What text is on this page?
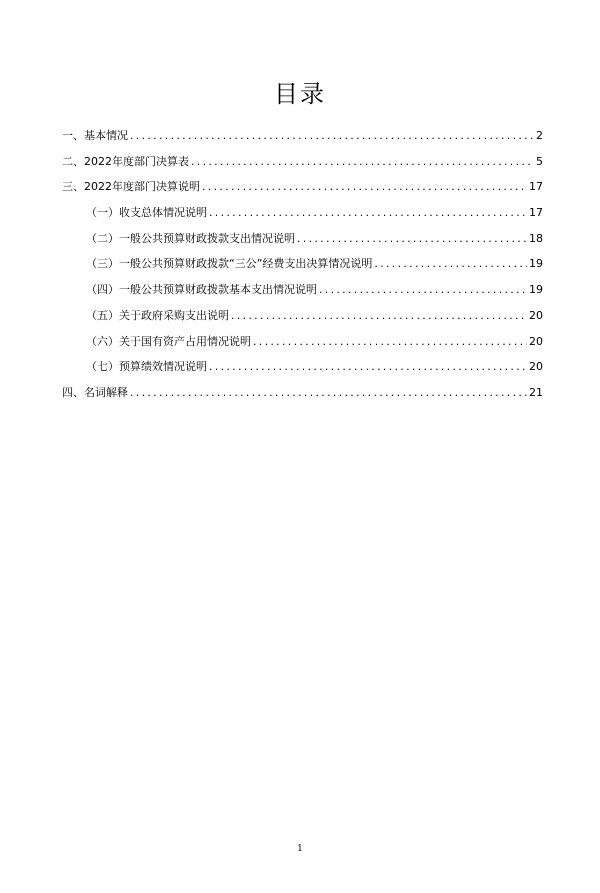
目录
一、基本情况 .....	2
二、2022年度部门决算表 .....	5
三、2022年度部门决算说明 .....	17
（一）收支总体情况说明 .....	17
（二）一般公共预算财政拨款支出情况说明 .....	18
（三）一般公共预算财政拨款“三公”经费支出决算情况说明 .....	19
（四）一般公共预算财政拨款基本支出情况说明 .....	19
（五）关于政府采购支出说明 .....	20
（六）关于国有资产占用情况说明 .....	20
（七）预算绩效情况说明 .....	20
四、名词解释 .....	21
1
